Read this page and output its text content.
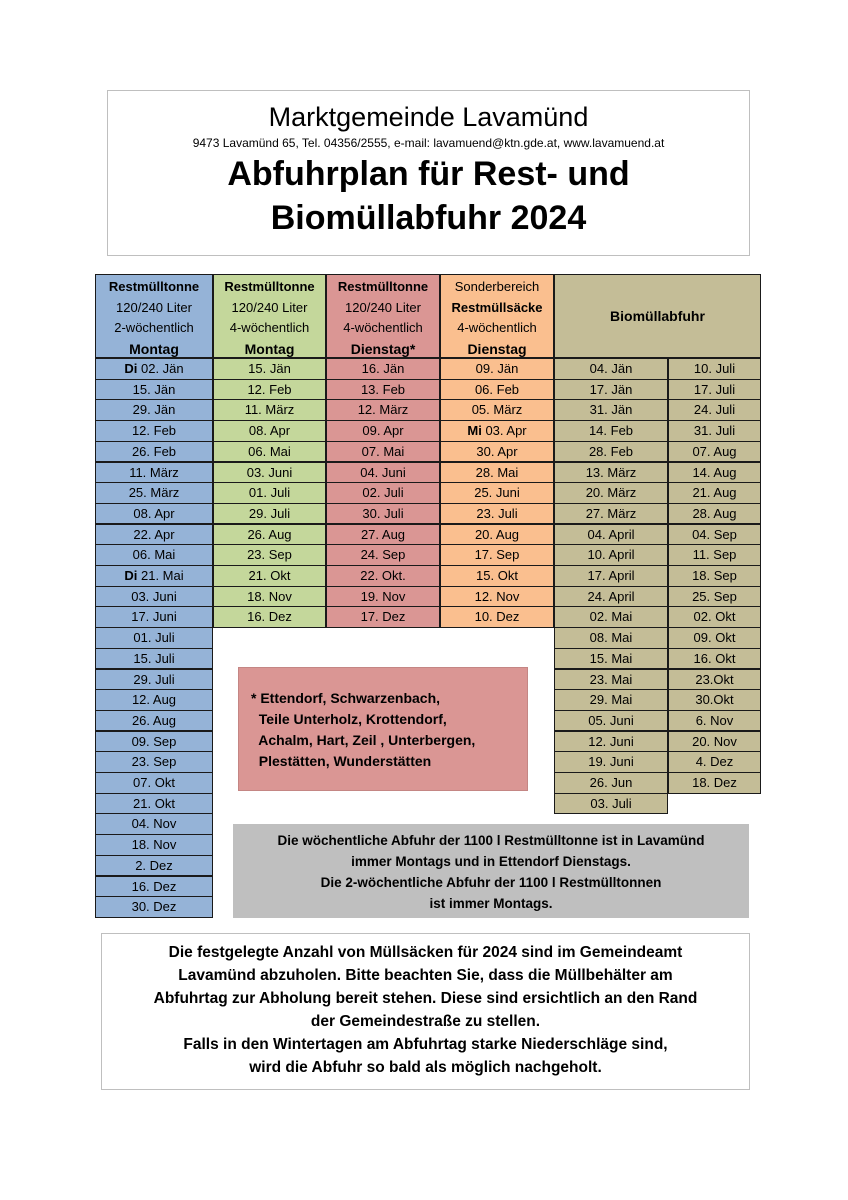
Marktgemeinde Lavamünd
9473 Lavamünd 65, Tel. 04356/2555, e-mail: lavamuend@ktn.gde.at, www.lavamuend.at
Abfuhrplan für Rest- und
Biomüllabfuhr 2024
Restmülltonne
120/240 Liter
2-wöchentlich
Montag
Di 02. Jän
15. Jän
29. Jän
12. Feb
26. Feb
11. März
25. März
08. Apr
22. Apr
06. Mai
Di 21. Mai
03. Juni
17. Juni
01. Juli
15. Juli
29. Juli
12. Aug
26. Aug
09. Sep
23. Sep
07. Okt
21. Okt
04. Nov
18. Nov
2. Dez
16. Dez
30. Dez
Restmülltonne
120/240 Liter
4-wöchentlich
Montag
15. Jän
12. Feb
11. März
08. Apr
06. Mai
03. Juni
01. Juli
29. Juli
26. Aug
23. Sep
21. Okt
18. Nov
16. Dez
Restmülltonne
120/240 Liter
4-wöchentlich
Dienstag*
16. Jän
13. Feb
12. März
09. Apr
07. Mai
04. Juni
02. Juli
30. Juli
27. Aug
24. Sep
22. Okt.
19. Nov
17. Dez
Sonderbereich
Restmüllsäcke
4-wöchentlich
Dienstag
09. Jän
06. Feb
05. März
Mi 03. Apr
30. Apr
28. Mai
25. Juni
23. Juli
20. Aug
17. Sep
15. Okt
12. Nov
10. Dez
Biomüllabfuhr
04. Jän
17. Jän
31. Jän
14. Feb
28. Feb
13. März
20. März
27. März
04. April
10. April
17. April
24. April
02. Mai
08. Mai
15. Mai
23. Mai
29. Mai
05. Juni
12. Juni
19. Juni
26. Jun
03. Juli
10. Juli
17. Juli
24. Juli
31. Juli
07. Aug
14. Aug
21. Aug
28. Aug
04. Sep
11. Sep
18. Sep
25. Sep
02. Okt
09. Okt
16. Okt
23.Okt
30.Okt
6. Nov
20. Nov
4. Dez
18. Dez
* Ettendorf, Schwarzenbach,
Teile Unterholz, Krottendorf,
Achalm, Hart, Zeil , Unterbergen,
Plestätten, Wunderstätten
Die wöchentliche Abfuhr der 1100 l Restmülltonne ist in Lavamünd
immer Montags und in Ettendorf Dienstags.
Die 2-wöchentliche Abfuhr der 1100 l Restmülltonnen
ist immer Montags.
Die festgelegte Anzahl von Müllsäcken für 2024 sind im Gemeindeamt
Lavamünd abzuholen. Bitte beachten Sie, dass die Müllbehälter am
Abfuhrtag zur Abholung bereit stehen. Diese sind ersichtlich an den Rand
der Gemeindestraße zu stellen.
Falls in den Wintertagen am Abfuhrtag starke Niederschläge sind,
wird die Abfuhr so bald als möglich nachgeholt.
